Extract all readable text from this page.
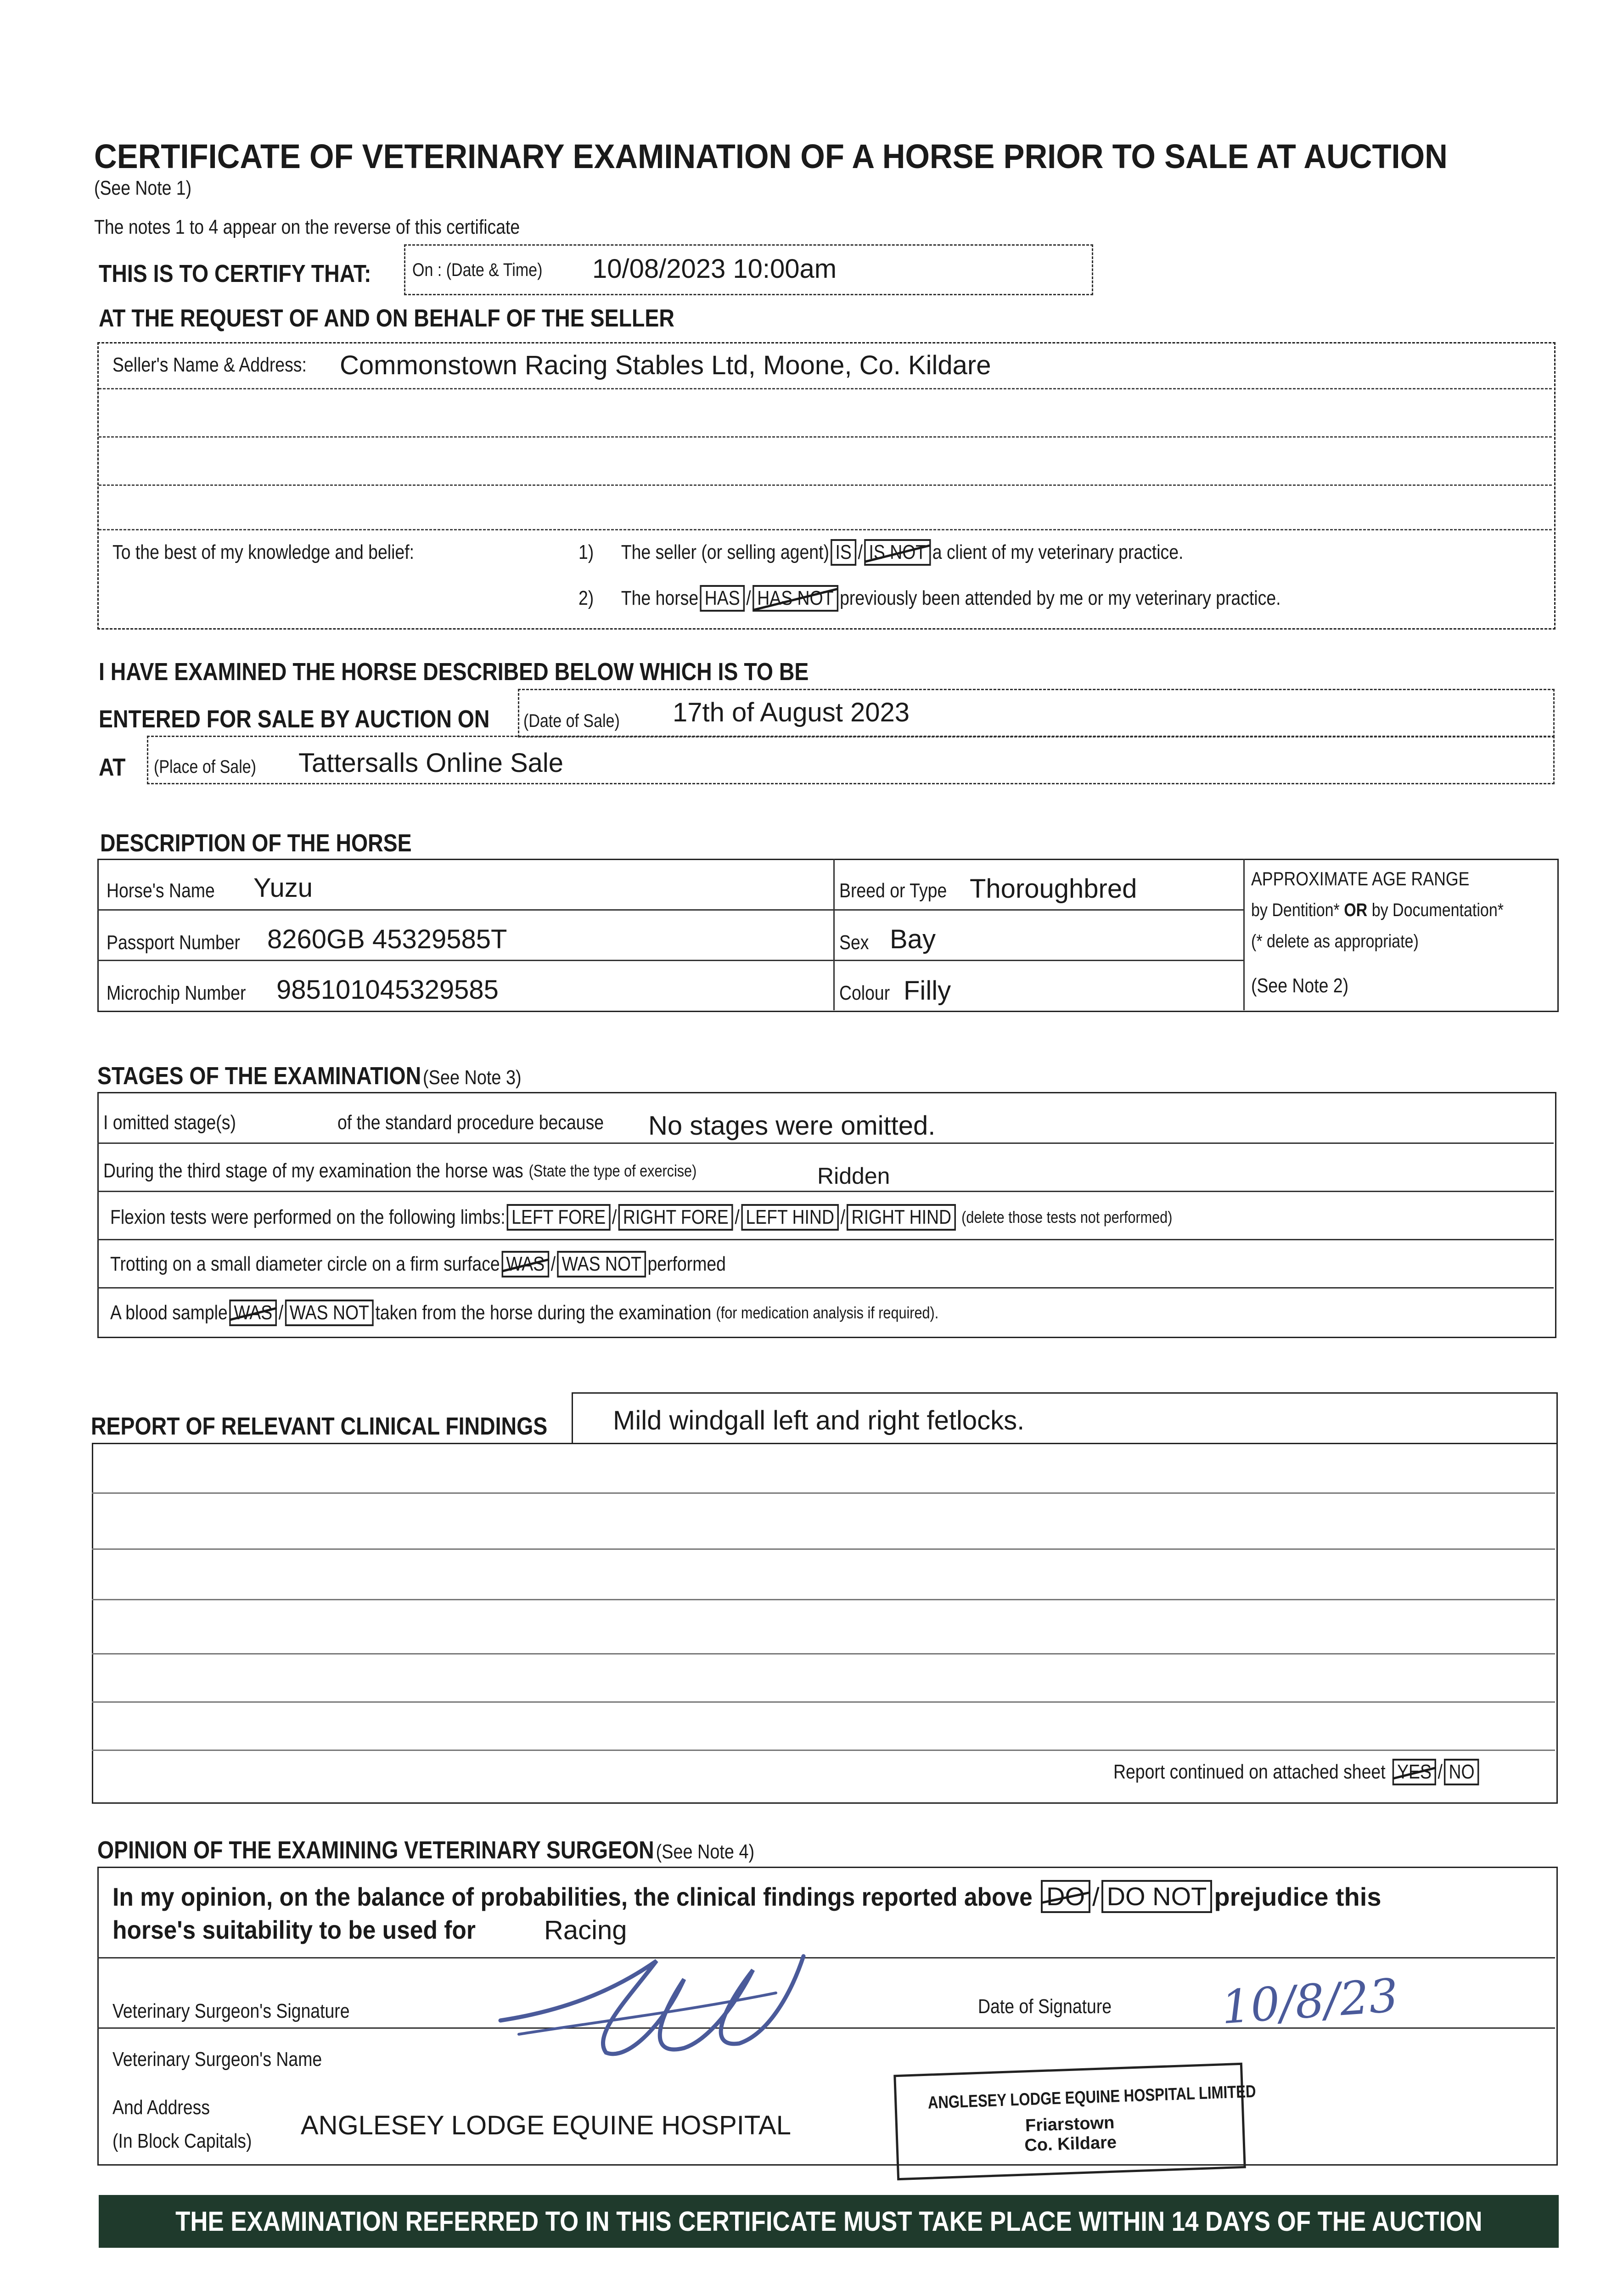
CERTIFICATE OF VETERINARY EXAMINATION OF A HORSE PRIOR TO SALE AT AUCTION
(See Note 1)
The notes 1 to 4 appear on the reverse of this certificate
THIS IS TO CERTIFY THAT: On : (Date & Time) 10/08/2023 10:00am
AT THE REQUEST OF AND ON BEHALF OF THE SELLER
Seller's Name & Address: Commonstown Racing Stables Ltd, Moone, Co. Kildare
To the best of my knowledge and belief:	1) The seller (or selling agent) IS / IS NOT a client of my veterinary practice.
2) The horse HAS / HAS NOT previously been attended by me or my veterinary practice.
I HAVE EXAMINED THE HORSE DESCRIBED BELOW WHICH IS TO BE
ENTERED FOR SALE BY AUCTION ON (Date of Sale) 17th of August 2023
AT (Place of Sale) Tattersalls Online Sale
DESCRIPTION OF THE HORSE
Horse's Name Yuzu
Passport Number 8260GB 45329585T
Microchip Number 985101045329585
Breed or Type Thoroughbred
Sex Bay
Colour Filly
APPROXIMATE AGE RANGE
by Dentition* OR by Documentation*
(* delete as appropriate)
(See Note 2)
STAGES OF THE EXAMINATION (See Note 3)
I omitted stage(s)	of the standard procedure because No stages were omitted.
During the third stage of my examination the horse was (State the type of exercise)	Ridden
Flexion tests were performed on the following limbs: LEFT FORE / RIGHT FORE / LEFT HIND / RIGHT HIND (delete those tests not performed)
Trotting on a small diameter circle on a firm surface WAS / WAS NOT performed
A blood sample WAS / WAS NOT taken from the horse during the examination (for medication analysis if required).
REPORT OF RELEVANT CLINICAL FINDINGS Mild windgall left and right fetlocks.
Report continued on attached sheet YES / NO
OPINION OF THE EXAMINING VETERINARY SURGEON (See Note 4)
In my opinion, on the balance of probabilities, the clinical findings reported above DO / DO NOT prejudice this
horse's suitability to be used for	Racing
Veterinary Surgeon's Signature	Date of Signature 10/8/23
Veterinary Surgeon's Name
And Address
(In Block Capitals)
ANGLESEY LODGE EQUINE HOSPITAL
ANGLESEY LODGE EQUINE HOSPITAL LIMITED
Friarstown
Co. Kildare
THE EXAMINATION REFERRED TO IN THIS CERTIFICATE MUST TAKE PLACE WITHIN 14 DAYS OF THE AUCTION
